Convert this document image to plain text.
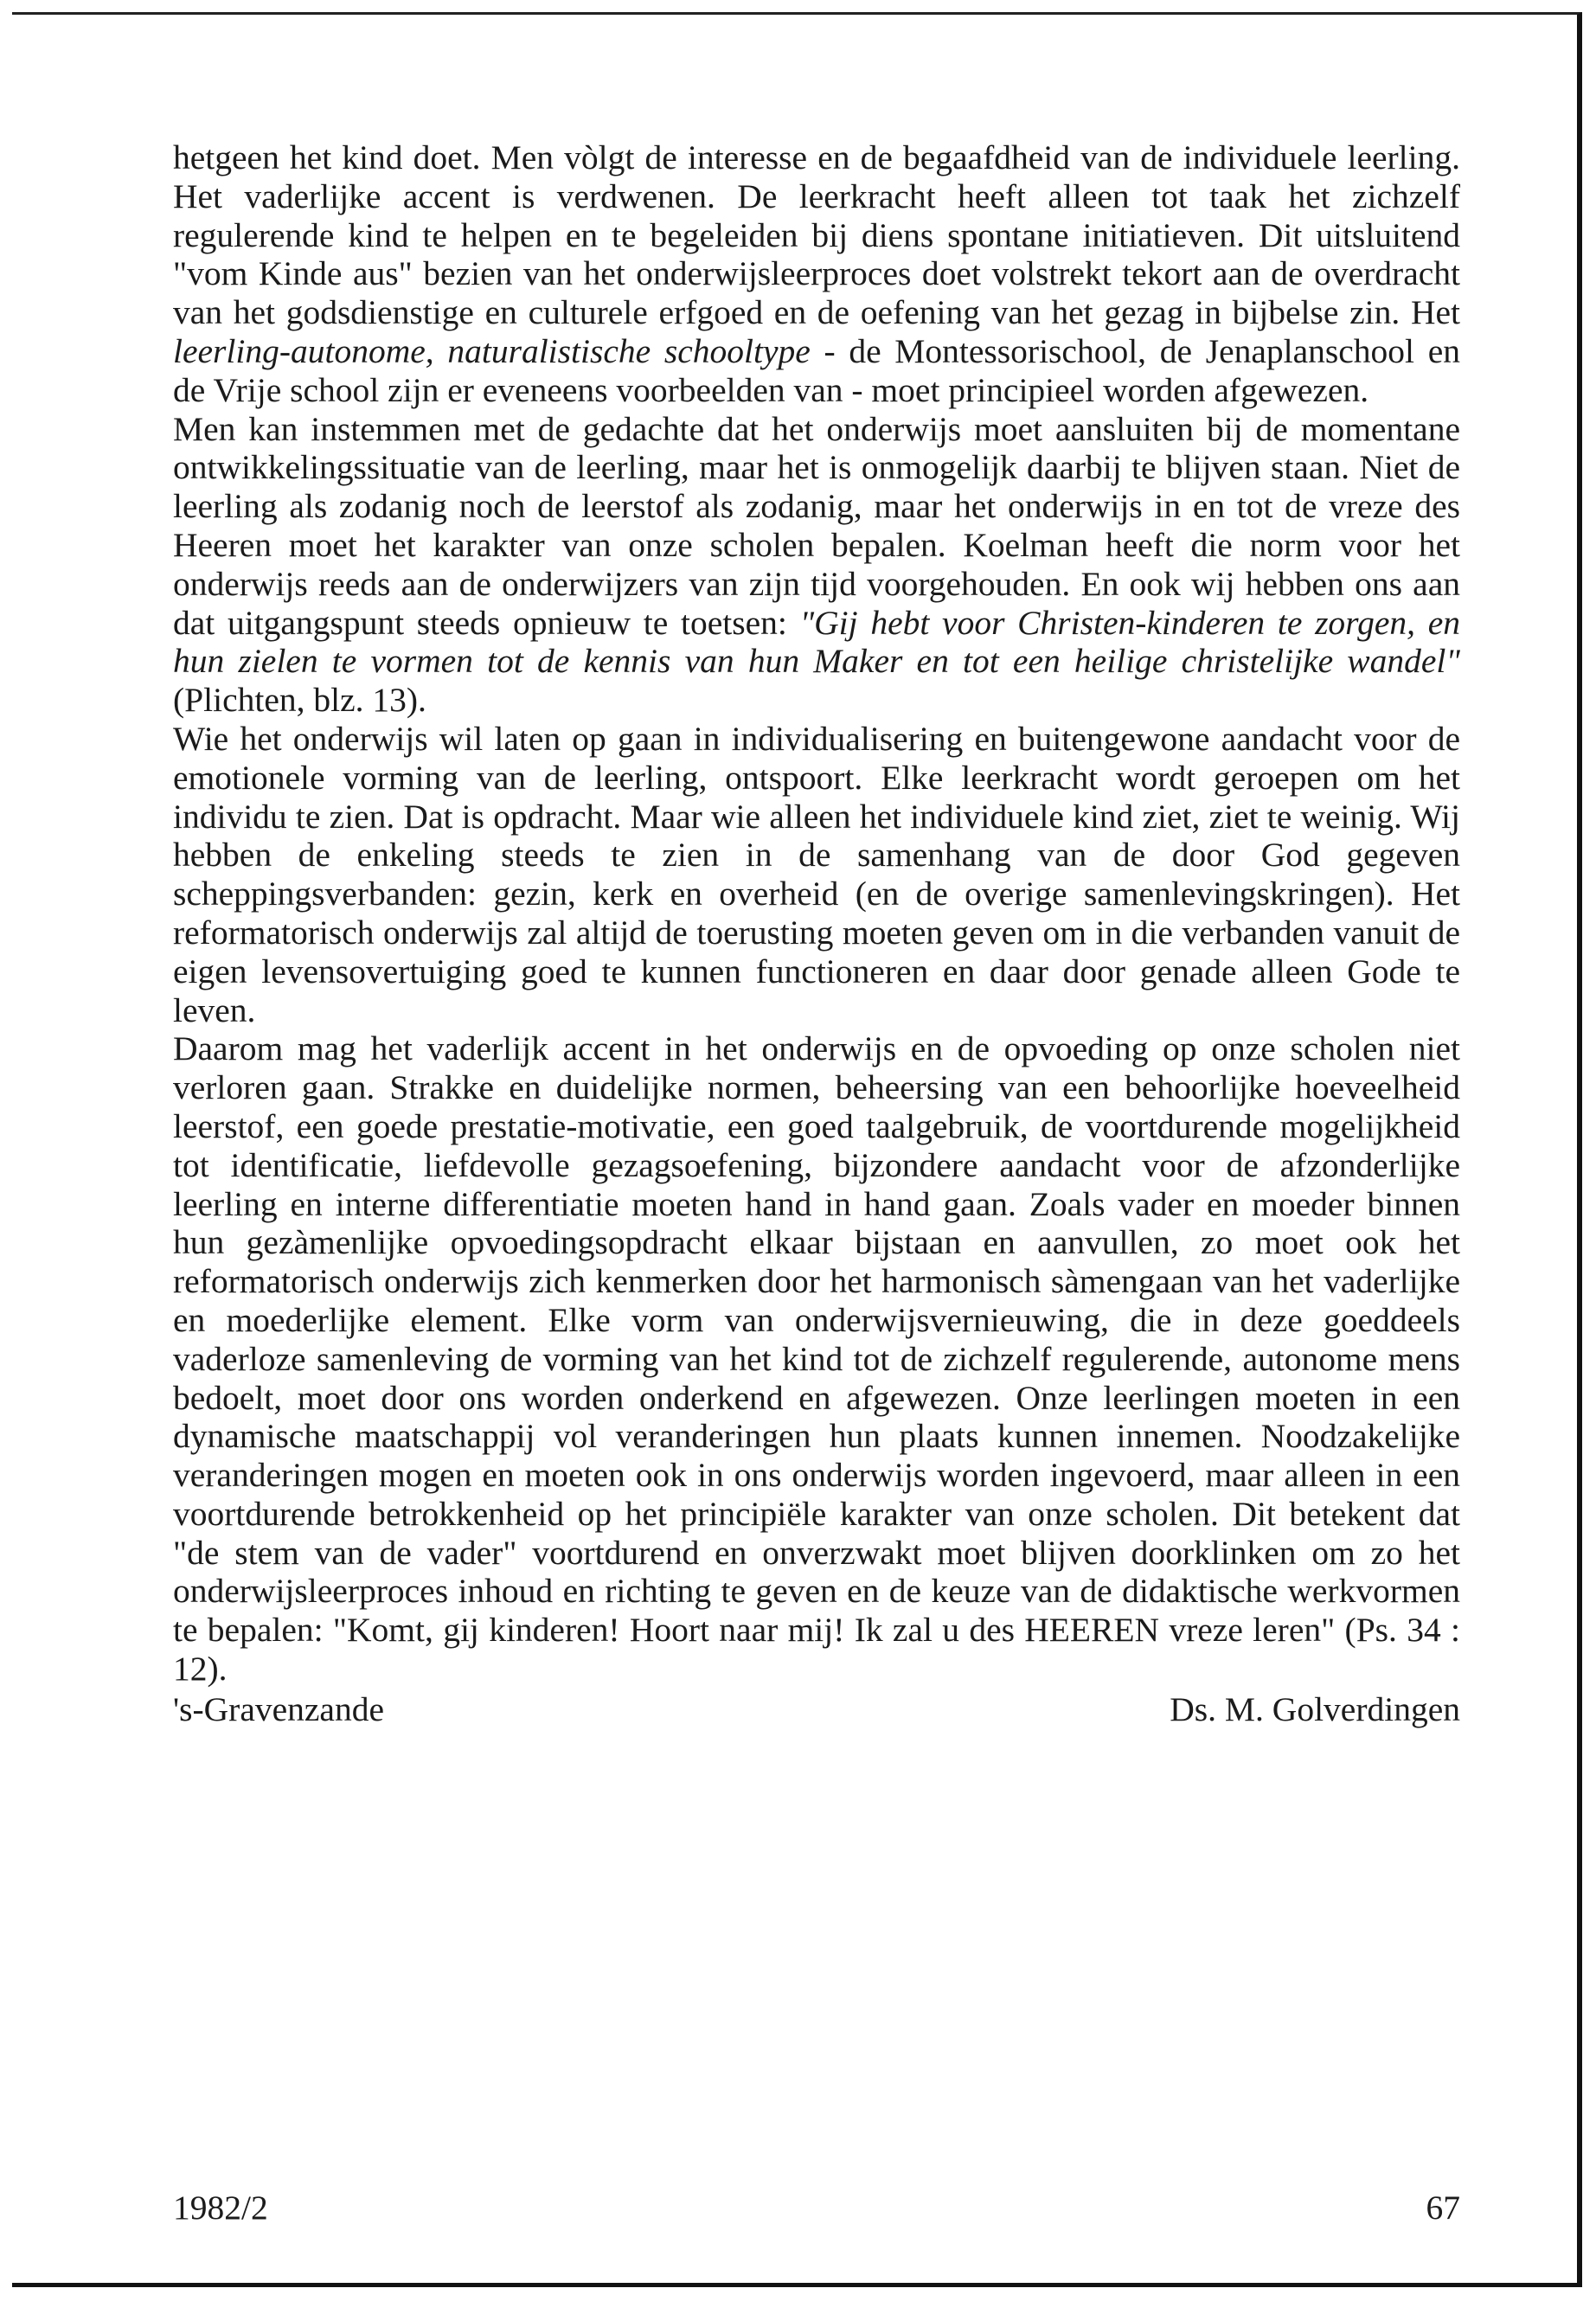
hetgeen het kind doet. Men vòlgt de interesse en de begaafdheid van de individuele leerling. Het vaderlijke accent is verdwenen. De leerkracht heeft alleen tot taak het zichzelf regulerende kind te helpen en te begeleiden bij diens spontane initiatieven. Dit uitsluitend "vom Kinde aus" bezien van het onderwijsleerproces doet volstrekt tekort aan de overdracht van het godsdienstige en culturele erfgoed en de oefening van het gezag in bijbelse zin. Het leerling-autonome, naturalistische schooltype - de Montessorischool, de Jenaplanschool en de Vrije school zijn er eveneens voorbeelden van - moet principieel worden afgewezen.

Men kan instemmen met de gedachte dat het onderwijs moet aansluiten bij de momentane ontwikkelingssituatie van de leerling, maar het is onmogelijk daarbij te blijven staan. Niet de leerling als zodanig noch de leerstof als zodanig, maar het onderwijs in en tot de vreze des Heeren moet het karakter van onze scholen bepalen. Koelman heeft die norm voor het onderwijs reeds aan de onderwijzers van zijn tijd voorgehouden. En ook wij hebben ons aan dat uitgangspunt steeds opnieuw te toetsen: "Gij hebt voor Christen-kinderen te zorgen, en hun zielen te vormen tot de kennis van hun Maker en tot een heilige christelijke wandel" (Plichten, blz. 13).

Wie het onderwijs wil laten op gaan in individualisering en buitengewone aandacht voor de emotionele vorming van de leerling, ontspoort. Elke leerkracht wordt geroepen om het individu te zien. Dat is opdracht. Maar wie alleen het individuele kind ziet, ziet te weinig. Wij hebben de enkeling steeds te zien in de samenhang van de door God gegeven scheppingsverbanden: gezin, kerk en overheid (en de overige samenlevingskringen). Het reformatorisch onderwijs zal altijd de toerusting moeten geven om in die verbanden vanuit de eigen levensovertuiging goed te kunnen functioneren en daar door genade alleen Gode te leven.

Daarom mag het vaderlijk accent in het onderwijs en de opvoeding op onze scholen niet verloren gaan. Strakke en duidelijke normen, beheersing van een behoorlijke hoeveelheid leerstof, een goede prestatie-motivatie, een goed taalgebruik, de voortdurende mogelijkheid tot identificatie, liefdevolle gezagsoefening, bijzondere aandacht voor de afzonderlijke leerling en interne differentiatie moeten hand in hand gaan. Zoals vader en moeder binnen hun gezàmenlijke opvoedingsopdracht elkaar bijstaan en aanvullen, zo moet ook het reformatorisch onderwijs zich kenmerken door het harmonisch sàmengaan van het vaderlijke en moederlijke element. Elke vorm van onderwijsvernieuwing, die in deze goeddeels vaderloze samenleving de vorming van het kind tot de zichzelf regulerende, autonome mens bedoelt, moet door ons worden onderkend en afgewezen. Onze leerlingen moeten in een dynamische maatschappij vol veranderingen hun plaats kunnen innemen. Noodzakelijke veranderingen mogen en moeten ook in ons onderwijs worden ingevoerd, maar alleen in een voortdurende betrokkenheid op het principiële karakter van onze scholen. Dit betekent dat "de stem van de vader" voortdurend en onverzwakt moet blijven doorklinken om zo het onderwijsleerproces inhoud en richting te geven en de keuze van de didaktische werkvormen te bepalen: "Komt, gij kinderen! Hoort naar mij! Ik zal u des HEEREN vreze leren" (Ps. 34 : 12).

's-Gravenzande	Ds. M. Golverdingen
1982/2	67
